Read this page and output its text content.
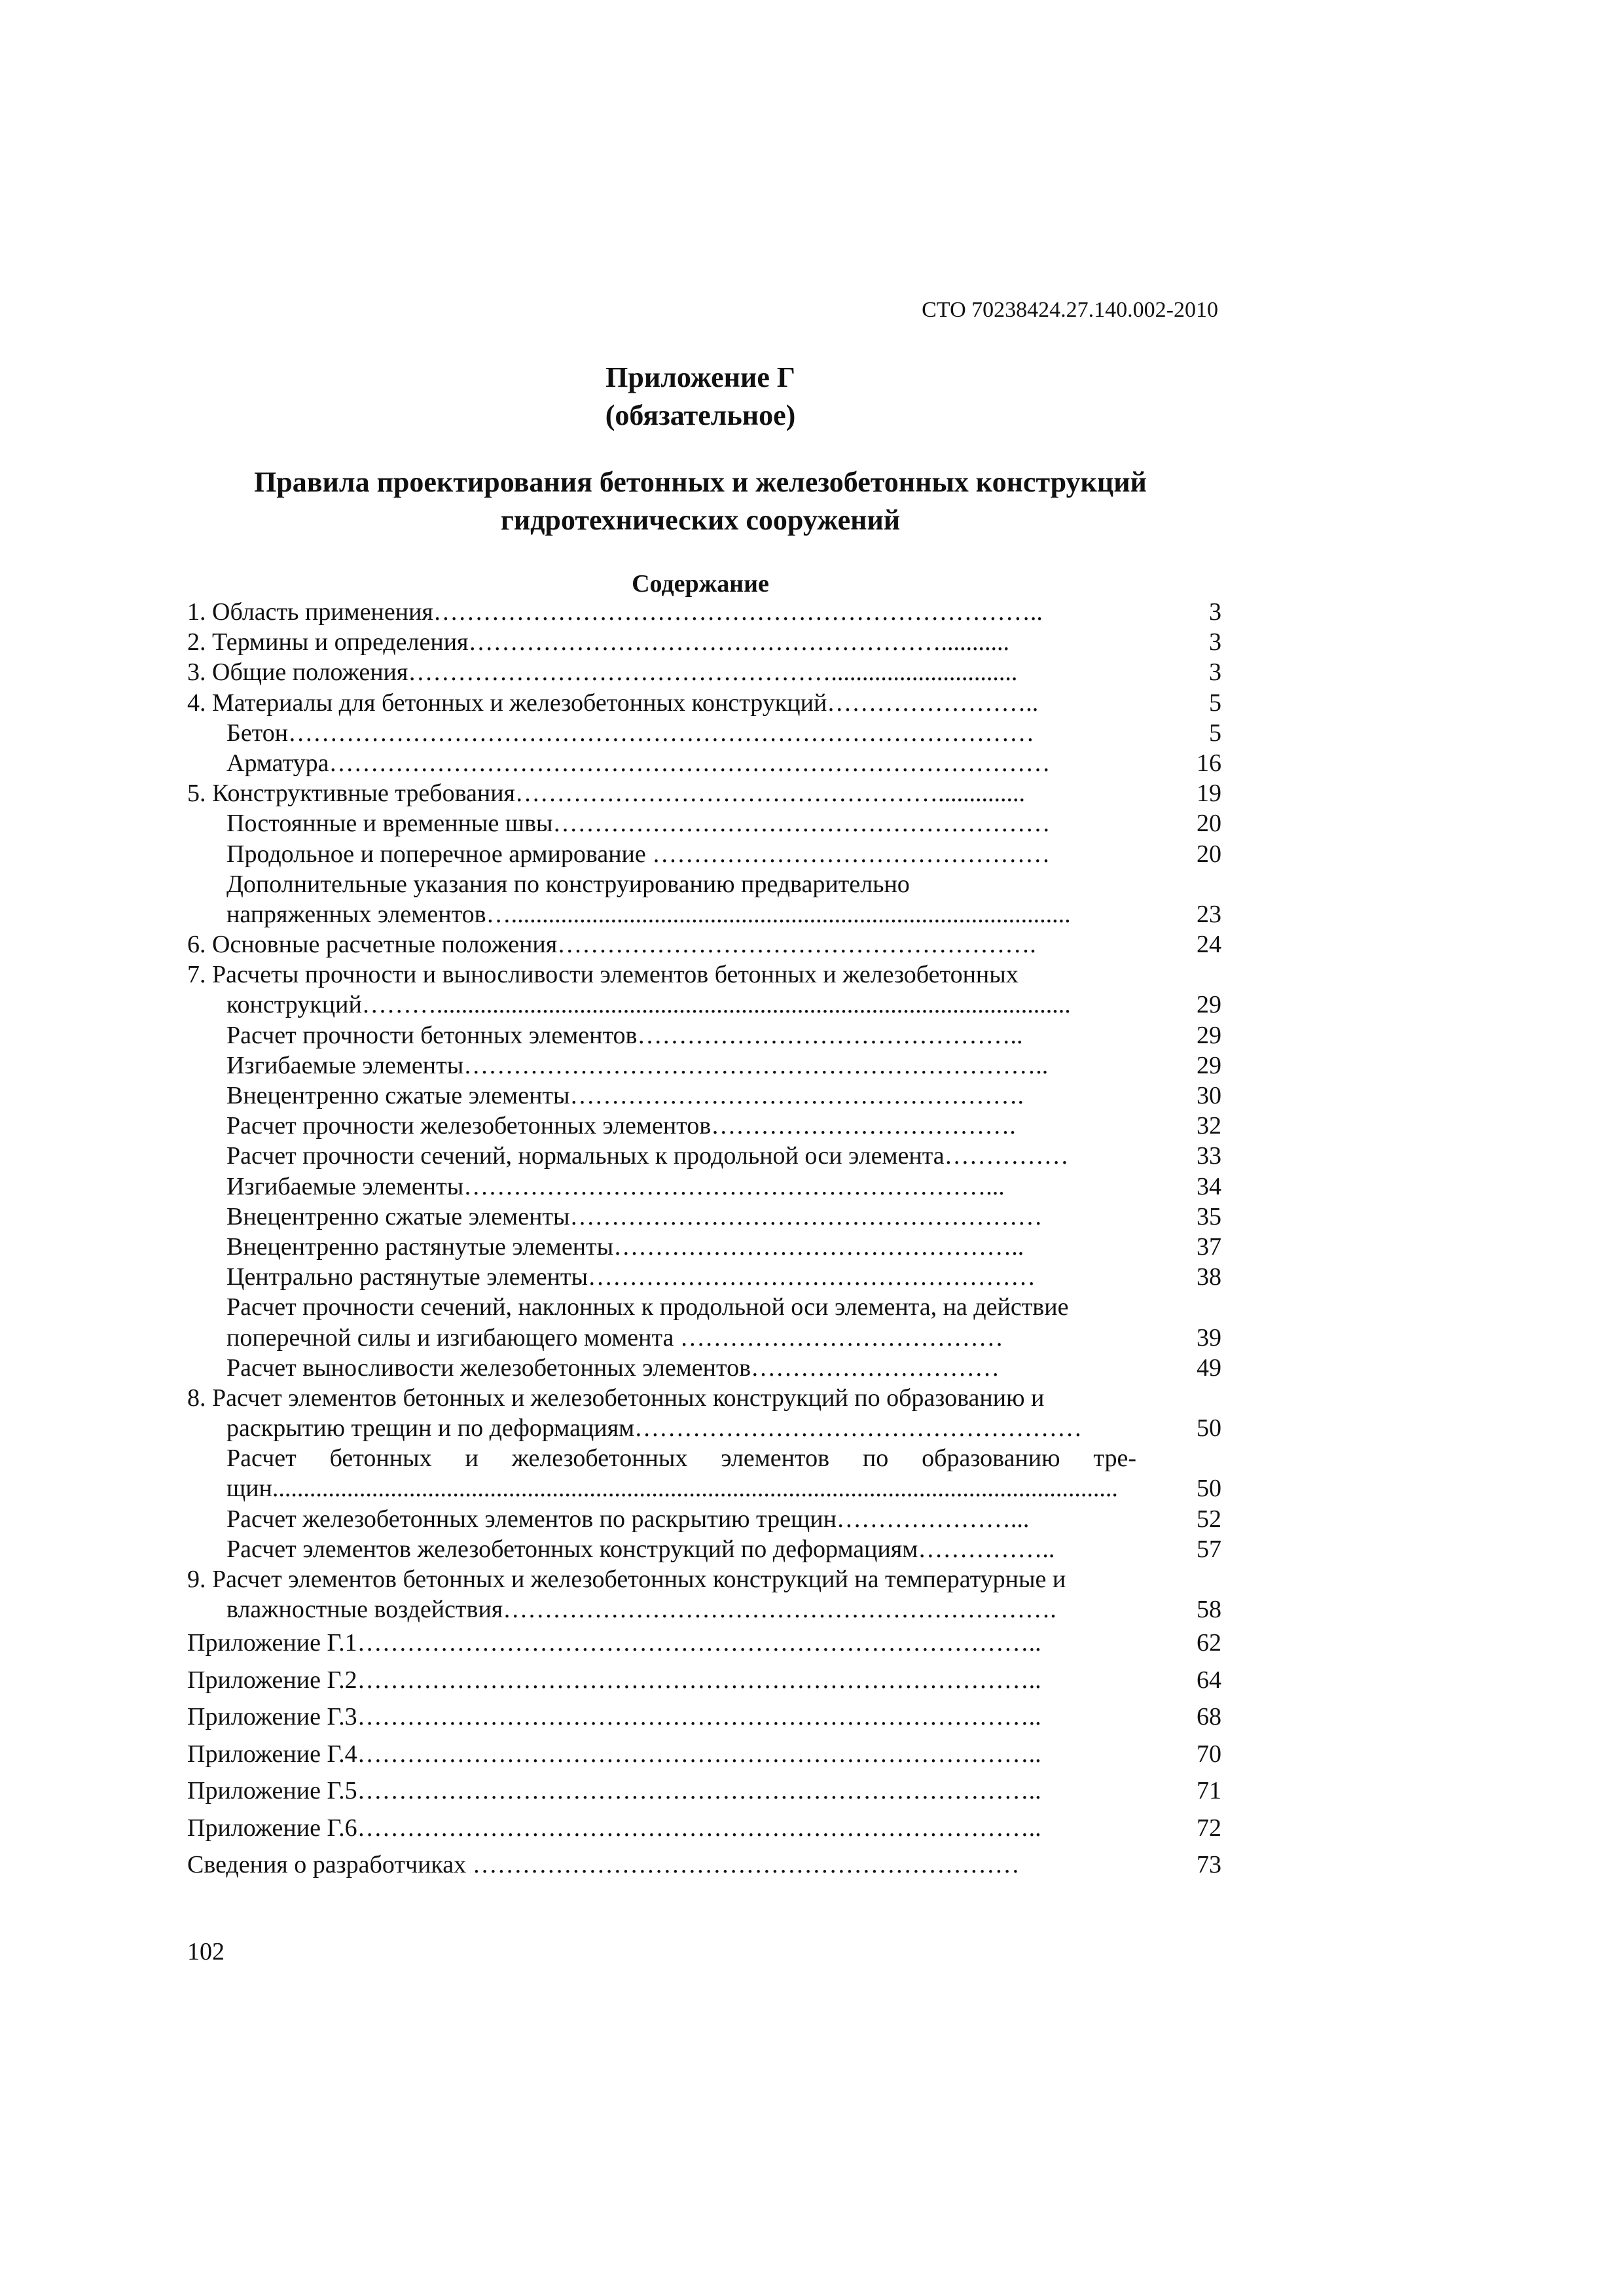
СТО 70238424.27.140.002-2010
Приложение Г
(обязательное)
Правила проектирования бетонных и железобетонных конструкций
гидротехнических сооружений
Содержание
1. Область применения………………………………………………………………..	3
2. Термины и определения…………………………………………………...........	3
3. Общие положения……………………………………………..............................	3
4. Материалы для бетонных и железобетонных конструкций……………………..	5
Бетон………………………………………………………………………………	5
Арматура……………………………………………………………………………	16
5. Конструктивные требования……………………………………………..............	19
Постоянные и временные швы……………………………………………………	20
Продольное и поперечное армирование …………………………………………	20
Дополнительные указания по конструированию предварительно
напряженных элементов…..........................................................................................	23
6. Основные расчетные положения………………………………………………….	24
7. Расчеты прочности и выносливости элементов бетонных и железобетонных
конструкций………......................................................................................................	29
Расчет прочности бетонных элементов………………………………………..	29
Изгибаемые элементы……………………………………………………………..	29
Внецентренно сжатые элементы……………………………………………….	30
Расчет прочности железобетонных элементов……………………………….	32
Расчет прочности сечений, нормальных к продольной оси элемента……………	33
Изгибаемые элементы………………………………………………………...	34
Внецентренно сжатые элементы…………………………………………………	35
Внецентренно растянутые элементы…………………………………………..	37
Центрально растянутые элементы………………………………………………	38
Расчет прочности сечений, наклонных к продольной оси элемента, на действие
поперечной силы и изгибающего момента …………………………………	39
Расчет выносливости железобетонных элементов…………………………	49
8. Расчет элементов бетонных и железобетонных конструкций по образованию и
раскрытию трещин и по деформациям………………………………………………	50
Расчет бетонных и железобетонных элементов по образованию тре-
щин........................................................................................................................................	50
Расчет железобетонных элементов по раскрытию трещин…………………...	52
Расчет элементов железобетонных конструкций по деформациям……………..	57
9. Расчет элементов бетонных и железобетонных конструкций на температурные и
влажностные воздействия………………………………………………………….	58
Приложение Г.1………………………………………………………………………..	62
Приложение Г.2………………………………………………………………………..	64
Приложение Г.3………………………………………………………………………..	68
Приложение Г.4………………………………………………………………………..	70
Приложение Г.5………………………………………………………………………..	71
Приложение Г.6………………………………………………………………………..	72
Сведения о разработчиках …………………………………………………………	73
102
